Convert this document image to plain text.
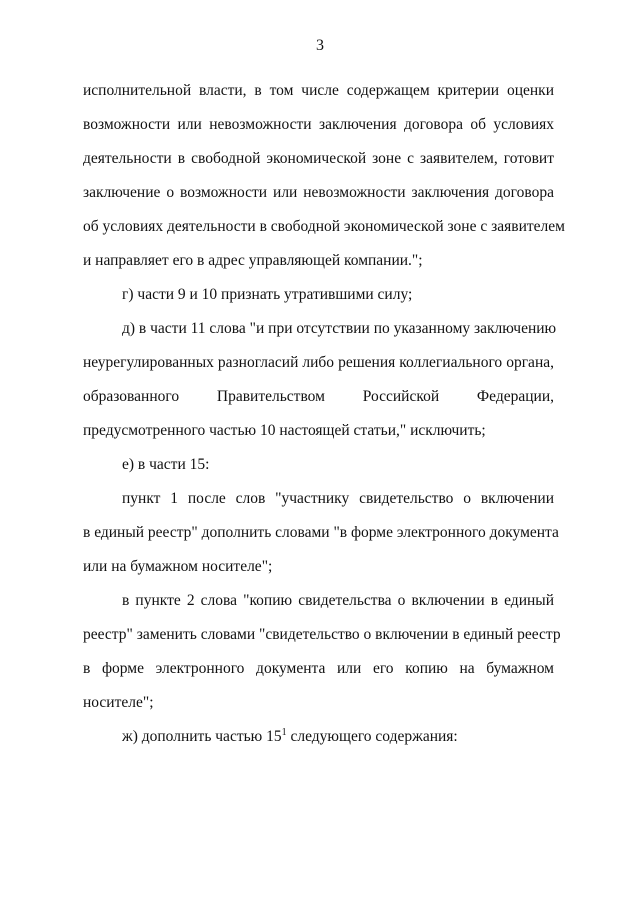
3
исполнительной власти, в том числе содержащем критерии оценки
возможности или невозможности заключения договора об условиях
деятельности в свободной экономической зоне с заявителем, готовит
заключение о возможности или невозможности заключения договора
об условиях деятельности в свободной экономической зоне с заявителем
и направляет его в адрес управляющей компании.";
г) части 9 и 10 признать утратившими силу;
д) в части 11 слова "и при отсутствии по указанному заключению
неурегулированных разногласий либо решения коллегиального органа,
образованного Правительством Российской Федерации,
предусмотренного частью 10 настоящей статьи," исключить;
е) в части 15:
пункт 1 после слов "участнику свидетельство о включении
в единый реестр" дополнить словами "в форме электронного документа
или на бумажном носителе";
в пункте 2 слова "копию свидетельства о включении в единый
реестр" заменить словами "свидетельство о включении в единый реестр
в форме электронного документа или его копию на бумажном
носителе";
ж) дополнить частью $15^1$ следующего содержания:
